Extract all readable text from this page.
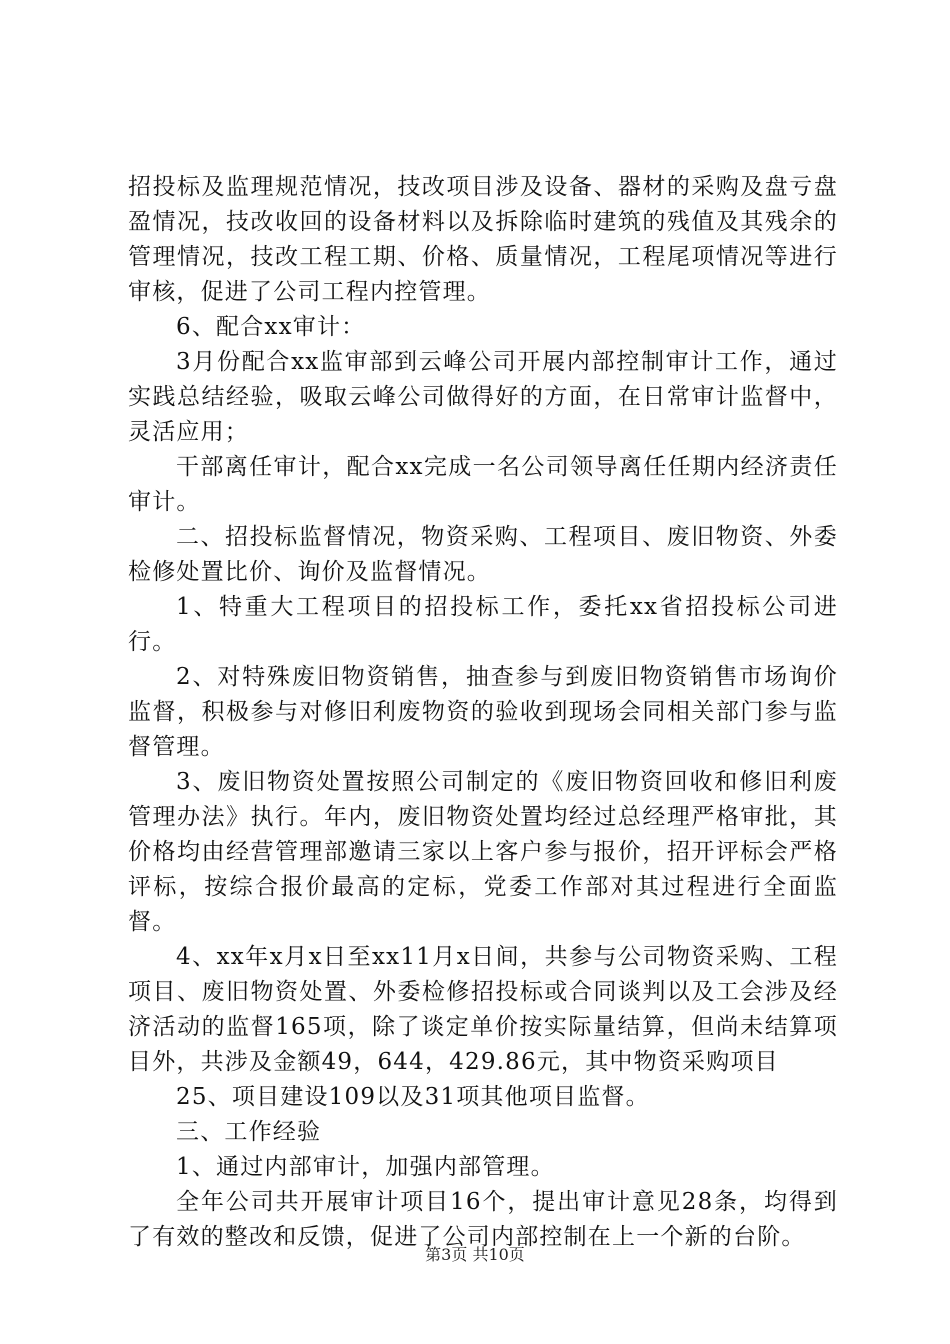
招投标及监理规范情况，技改项目涉及设备、器材的采购及盘亏盘盈情况，技改收回的设备材料以及拆除临时建筑的残值及其残余的管理情况，技改工程工期、价格、质量情况，工程尾项情况等进行审核，促进了公司工程内控管理。

6、配合xx审计：

3月份配合xx监审部到云峰公司开展内部控制审计工作，通过实践总结经验，吸取云峰公司做得好的方面，在日常审计监督中，灵活应用；

干部离任审计，配合xx完成一名公司领导离任任期内经济责任审计。

二、招投标监督情况，物资采购、工程项目、废旧物资、外委检修处置比价、询价及监督情况。

1、特重大工程项目的招投标工作，委托xx省招投标公司进行。

2、对特殊废旧物资销售，抽查参与到废旧物资销售市场询价监督，积极参与对修旧利废物资的验收到现场会同相关部门参与监督管理。

3、废旧物资处置按照公司制定的《废旧物资回收和修旧利废管理办法》执行。年内，废旧物资处置均经过总经理严格审批，其价格均由经营管理部邀请三家以上客户参与报价，招开评标会严格评标，按综合报价最高的定标，党委工作部对其过程进行全面监督。

4、xx年x月x日至xx11月x日间，共参与公司物资采购、工程项目、废旧物资处置、外委检修招投标或合同谈判以及工会涉及经济活动的监督165项，除了谈定单价按实际量结算，但尚未结算项目外，共涉及金额49，644，429.86元，其中物资采购项目

25、项目建设109以及31项其他项目监督。

三、工作经验

1、通过内部审计，加强内部管理。

全年公司共开展审计项目16个，提出审计意见28条，均得到了有效的整改和反馈，促进了公司内部控制在上一个新的台阶。

第3页 共10页
